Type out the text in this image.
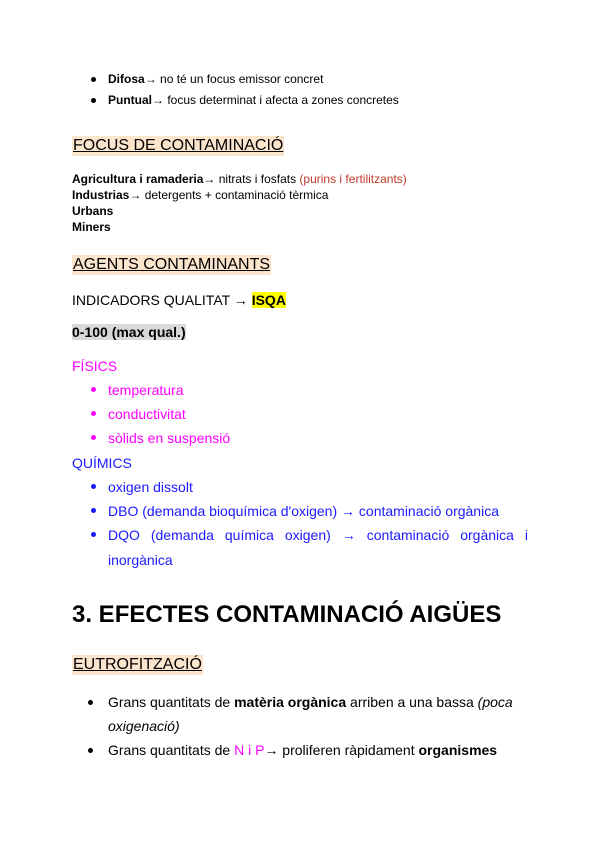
Difosa→ no té un focus emissor concret
Puntual→ focus determinat i afecta a zones concretes
FOCUS DE CONTAMINACIÓ
Agricultura i ramaderia→ nitrats i fosfats (purins i fertilitzants)
Industrias→ detergents + contaminació tèrmica
Urbans
Miners
AGENTS CONTAMINANTS
INDICADORS QUALITAT → ISQA
0-100 (max qual.)
FÍSICS
temperatura
conductivitat
sòlids en suspensió
QUÍMICS
oxigen dissolt
DBO (demanda bioquímica d'oxigen) → contaminació orgànica
DQO (demanda química oxigen) → contaminació orgànica i
inorgànica
3. EFECTES CONTAMINACIÓ AIGÜES
EUTROFITZACIÓ
Grans quantitats de matèria orgànica arriben a una bassa (poca
oxigenació)
Grans quantitats de N i P→ proliferen ràpidament organismes
